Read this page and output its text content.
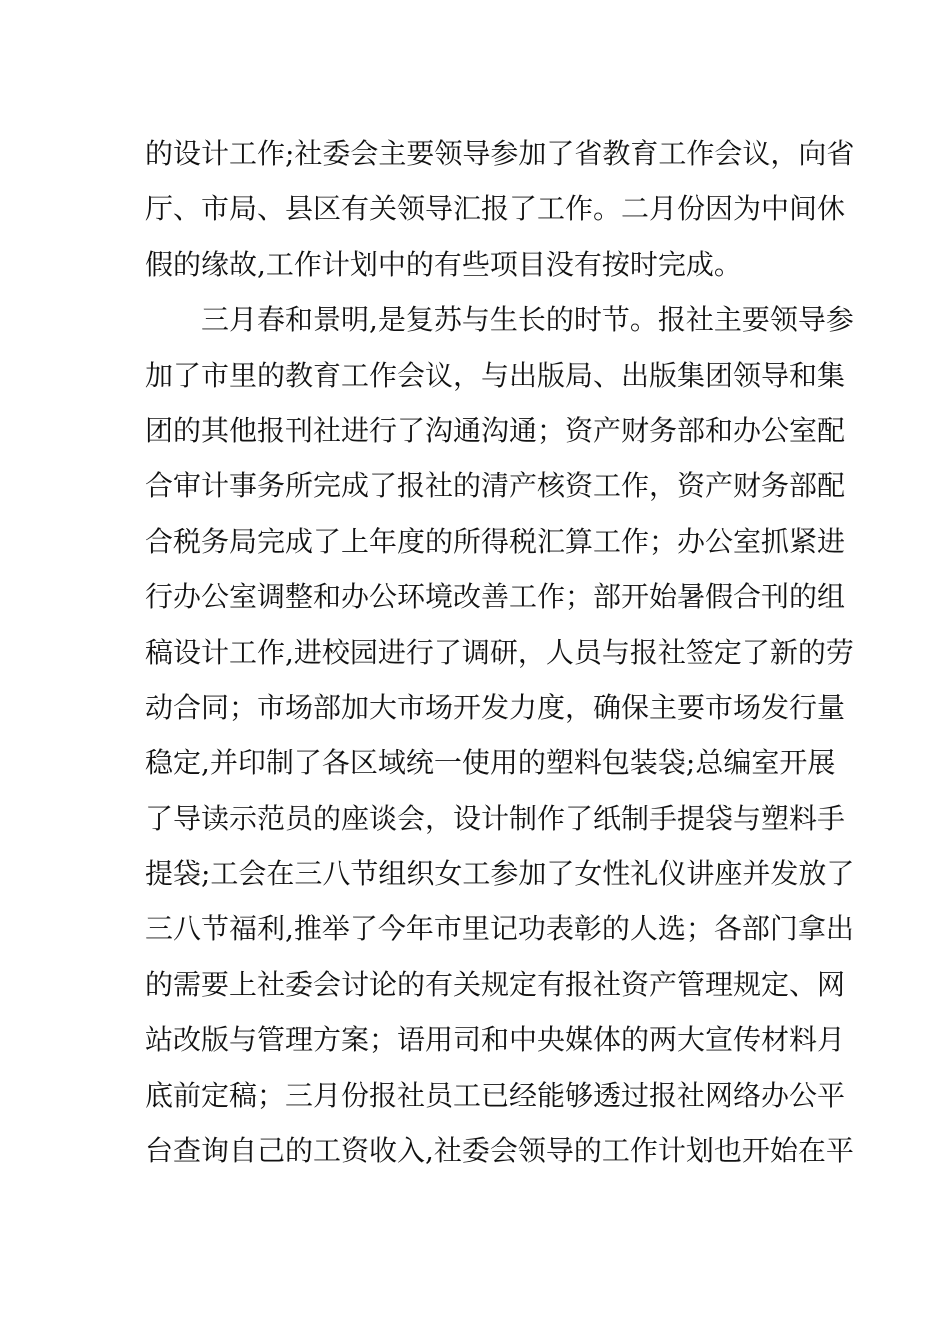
的设计工作;社委会主要领导参加了省教育工作会议，向省
厅、市局、县区有关领导汇报了工作。二月份因为中间休
假的缘故,工作计划中的有些项目没有按时完成。
三月春和景明,是复苏与生长的时节。报社主要领导参
加了市里的教育工作会议，与出版局、出版集团领导和集
团的其他报刊社进行了沟通沟通；资产财务部和办公室配
合审计事务所完成了报社的清产核资工作，资产财务部配
合税务局完成了上年度的所得税汇算工作；办公室抓紧进
行办公室调整和办公环境改善工作；部开始暑假合刊的组
稿设计工作,进校园进行了调研，人员与报社签定了新的劳
动合同；市场部加大市场开发力度，确保主要市场发行量
稳定,并印制了各区域统一使用的塑料包装袋;总编室开展
了导读示范员的座谈会，设计制作了纸制手提袋与塑料手
提袋;工会在三八节组织女工参加了女性礼仪讲座并发放了
三八节福利,推举了今年市里记功表彰的人选；各部门拿出
的需要上社委会讨论的有关规定有报社资产管理规定、网
站改版与管理方案；语用司和中央媒体的两大宣传材料月
底前定稿；三月份报社员工已经能够透过报社网络办公平
台查询自己的工资收入,社委会领导的工作计划也开始在平
